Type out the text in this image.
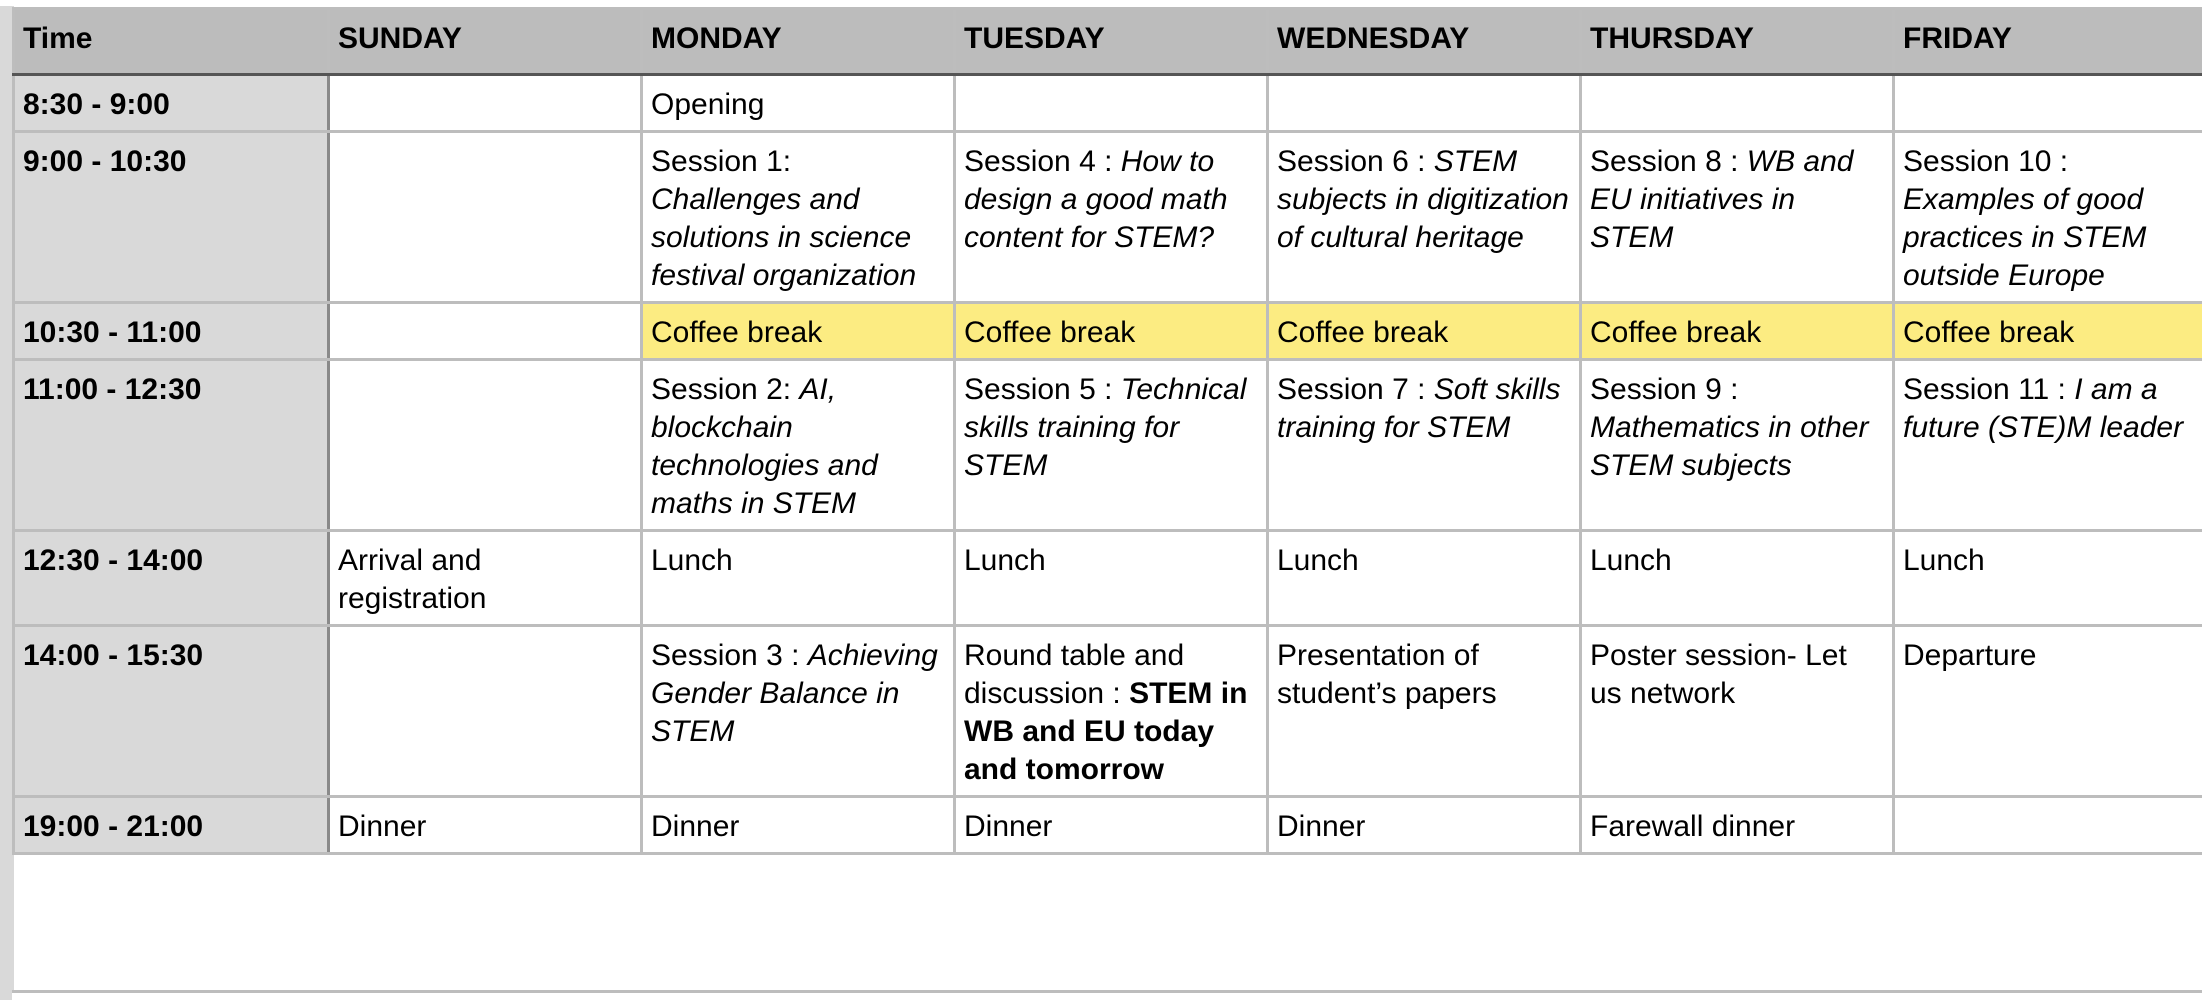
Time	SUNDAY	MONDAY	TUESDAY	WEDNESDAY	THURSDAY	FRIDAY
8:30 - 9:00		Opening				
9:00 - 10:30		Session 1: Challenges and solutions in science festival organization	Session 4 : How to design a good math content for STEM?	Session 6 : STEM subjects in digitization of cultural heritage	Session 8 : WB and EU initiatives in STEM	Session 10 : Examples of good practices in STEM outside Europe
10:30 - 11:00		Coffee break	Coffee break	Coffee break	Coffee break	Coffee break
11:00 - 12:30		Session 2: AI, blockchain technologies and maths in STEM	Session 5 : Technical skills training for STEM	Session 7 : Soft skills training for STEM	Session 9 : Mathematics in other STEM subjects	Session 11 : I am a future (STE)M leader
12:30 - 14:00	Arrival and registration	Lunch	Lunch	Lunch	Lunch	Lunch
14:00 - 15:30		Session 3 : Achieving Gender Balance in STEM	Round table and discussion : STEM in WB and EU today and tomorrow	Presentation of student’s papers	Poster session- Let us network	Departure
19:00 - 21:00	Dinner	Dinner	Dinner	Dinner	Farewall dinner	
